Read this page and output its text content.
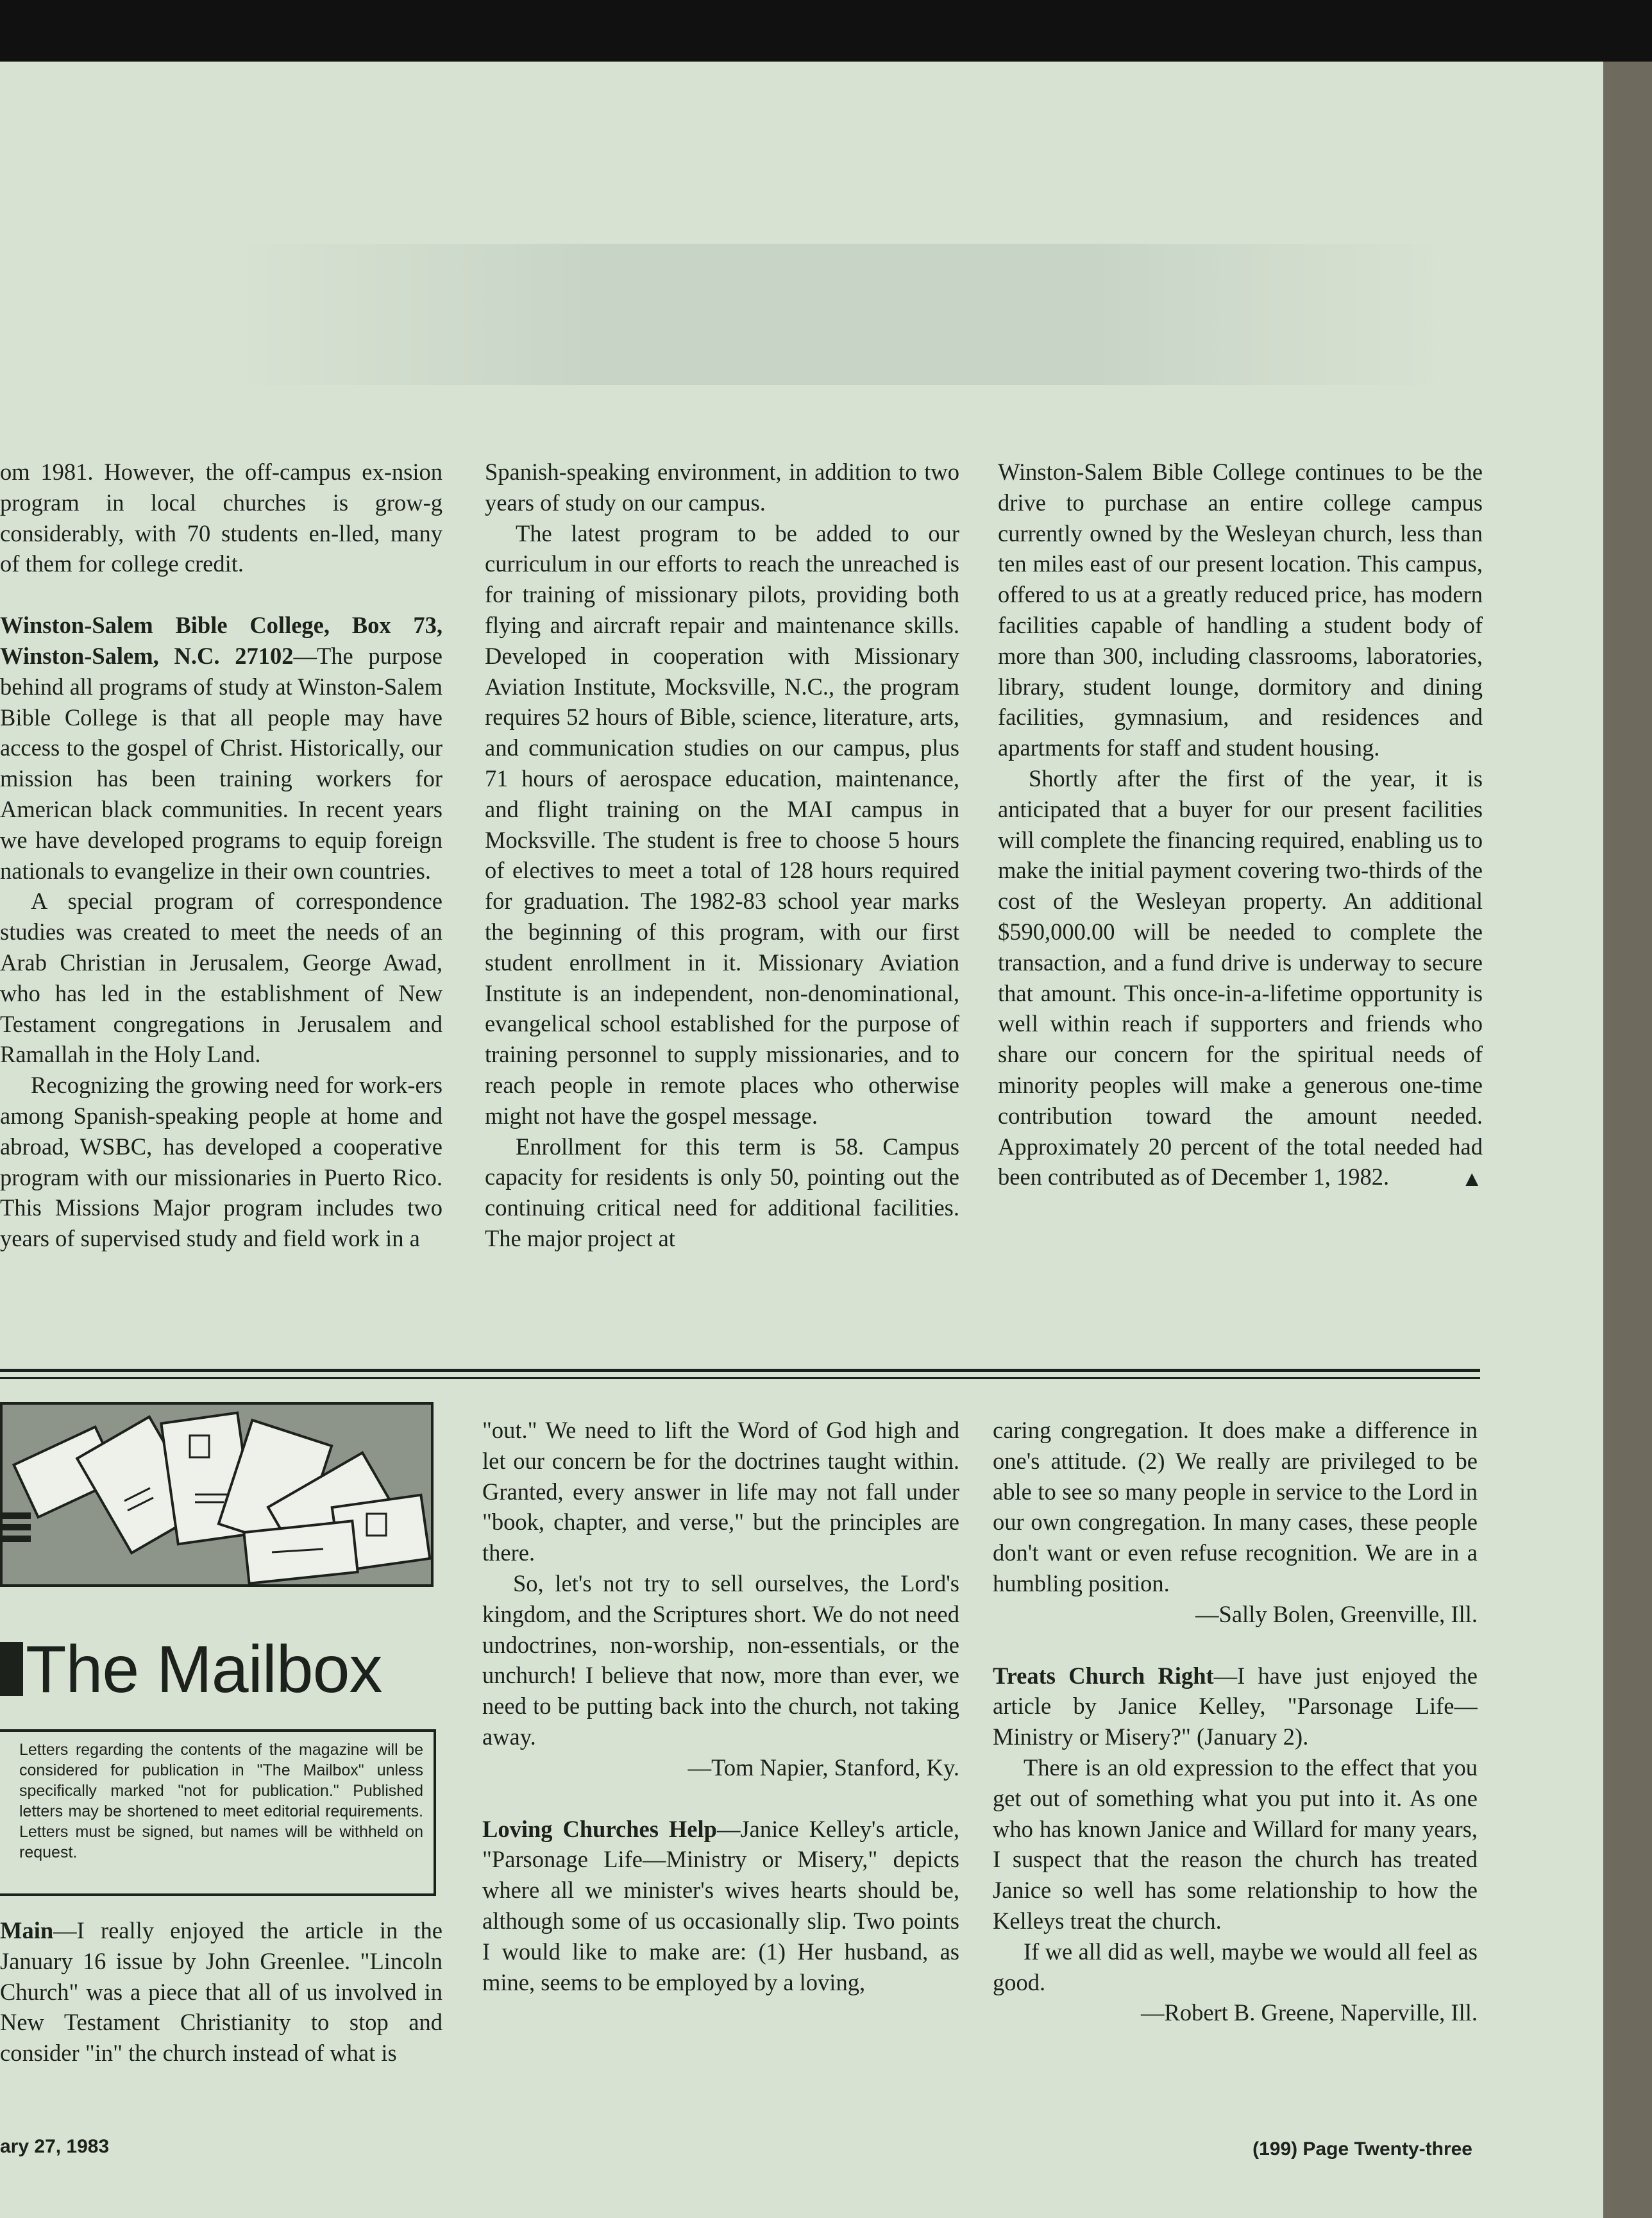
om 1981. However, the off-campus ex-nsion program in local churches is grow-g considerably, with 70 students en-lled, many of them for college credit.

Winston-Salem Bible College, Box 73, Winston-Salem, N.C. 27102—The purpose behind all programs of study at Winston-Salem Bible College is that all people may have access to the gospel of Christ. Historically, our mission has been training workers for American black communities. In recent years we have developed programs to equip foreign nationals to evangelize in their own countries.

A special program of correspondence studies was created to meet the needs of an Arab Christian in Jerusalem, George Awad, who has led in the establishment of New Testament congregations in Jerusalem and Ramallah in the Holy Land.

Recognizing the growing need for work-ers among Spanish-speaking people at home and abroad, WSBC, has developed a cooperative program with our missionaries in Puerto Rico. This Missions Major program includes two years of supervised study and field work in a

Spanish-speaking environment, in addition to two years of study on our campus.

The latest program to be added to our curriculum in our efforts to reach the unreached is for training of missionary pilots, providing both flying and aircraft repair and maintenance skills. Developed in cooperation with Missionary Aviation Institute, Mocksville, N.C., the program requires 52 hours of Bible, science, literature, arts, and communication studies on our campus, plus 71 hours of aerospace education, maintenance, and flight training on the MAI campus in Mocksville. The student is free to choose 5 hours of electives to meet a total of 128 hours required for graduation. The 1982-83 school year marks the beginning of this program, with our first student enrollment in it. Missionary Aviation Institute is an independent, non-denominational, evangelical school established for the purpose of training personnel to supply missionaries, and to reach people in remote places who otherwise might not have the gospel message.

Enrollment for this term is 58. Campus capacity for residents is only 50, pointing out the continuing critical need for additional facilities. The major project at

Winston-Salem Bible College continues to be the drive to purchase an entire college campus currently owned by the Wesleyan church, less than ten miles east of our present location. This campus, offered to us at a greatly reduced price, has modern facilities capable of handling a student body of more than 300, including classrooms, laboratories, library, student lounge, dormitory and dining facilities, gymnasium, and residences and apartments for staff and student housing.

Shortly after the first of the year, it is anticipated that a buyer for our present facilities will complete the financing required, enabling us to make the initial payment covering two-thirds of the cost of the Wesleyan property. An additional $590,000.00 will be needed to complete the transaction, and a fund drive is underway to secure that amount. This once-in-a-lifetime opportunity is well within reach if supporters and friends who share our concern for the spiritual needs of minority peoples will make a generous one-time contribution toward the amount needed. Approximately 20 percent of the total needed had been contributed as of December 1, 1982.	▲

The Mailbox
Letters regarding the contents of the magazine will be considered for publication in "The Mailbox" unless specifically marked "not for publication." Published letters may be shortened to meet editorial requirements. Letters must be signed, but names will be withheld on request.

Main—I really enjoyed the article in the January 16 issue by John Greenlee. "Lincoln Church" was a piece that all of us involved in New Testament Christianity to stop and consider "in" the church instead of what is

"out." We need to lift the Word of God high and let our concern be for the doctrines taught within. Granted, every answer in life may not fall under "book, chapter, and verse," but the principles are there.

So, let's not try to sell ourselves, the Lord's kingdom, and the Scriptures short. We do not need undoctrines, non-worship, non-essentials, or the unchurch! I believe that now, more than ever, we need to be putting back into the church, not taking away.

—Tom Napier, Stanford, Ky.

Loving Churches Help—Janice Kelley's article, "Parsonage Life—Ministry or Misery," depicts where all we minister's wives hearts should be, although some of us occasionally slip. Two points I would like to make are: (1) Her husband, as mine, seems to be employed by a loving,

caring congregation. It does make a difference in one's attitude. (2) We really are privileged to be able to see so many people in service to the Lord in our own congregation. In many cases, these people don't want or even refuse recognition. We are in a humbling position.

—Sally Bolen, Greenville, Ill.

Treats Church Right—I have just enjoyed the article by Janice Kelley, "Parsonage Life—Ministry or Misery?" (January 2).

There is an old expression to the effect that you get out of something what you put into it. As one who has known Janice and Willard for many years, I suspect that the reason the church has treated Janice so well has some relationship to how the Kelleys treat the church.

If we all did as well, maybe we would all feel as good.

—Robert B. Greene, Naperville, Ill.

ary 27, 1983	(199) Page Twenty-three
